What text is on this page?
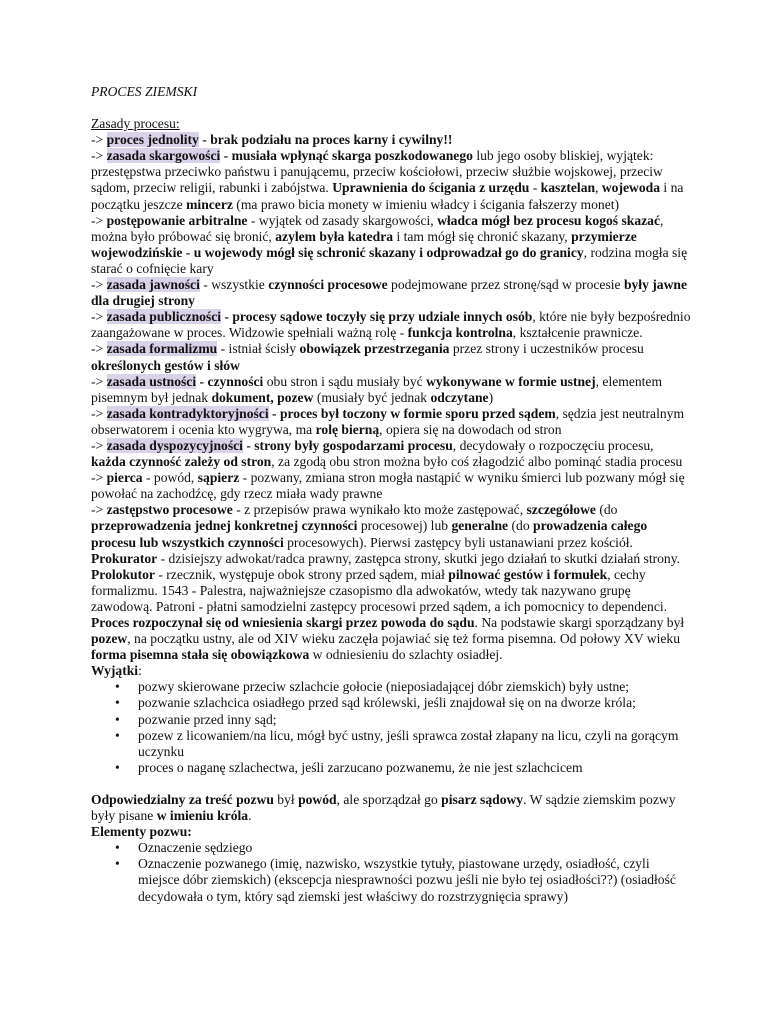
PROCES ZIEMSKI

Zasady procesu:

-> proces jednolity - brak podziału na proces karny i cywilny!!

-> zasada skargowości - musiała wpłynąć skarga poszkodowanego lub jego osoby bliskiej, wyjątek: przestępstwa przeciwko państwu i panującemu, przeciw kościołowi, przeciw służbie wojskowej, przeciw sądom, przeciw religii, rabunki i zabójstwa. Uprawnienia do ścigania z urzędu - kasztelan, wojewoda i na początku jeszcze mincerz (ma prawo bicia monety w imieniu władcy i ścigania fałszerzy monet)

-> postępowanie arbitralne - wyjątek od zasady skargowości, władca mógł bez procesu kogoś skazać, można było próbować się bronić, azylem była katedra i tam mógł się chronić skazany, przymierze wojewodzińskie - u wojewody mógł się schronić skazany i odprowadzał go do granicy, rodzina mogła się starać o cofnięcie kary

-> zasada jawności - wszystkie czynności procesowe podejmowane przez stronę/sąd w procesie były jawne dla drugiej strony

-> zasada publiczności - procesy sądowe toczyły się przy udziale innych osób, które nie były bezpośrednio zaangażowane w proces. Widzowie spełniali ważną rolę - funkcja kontrolna, kształcenie prawnicze.

-> zasada formalizmu - istniał ścisły obowiązek przestrzegania przez strony i uczestników procesu określonych gestów i słów

-> zasada ustności - czynności obu stron i sądu musiały być wykonywane w formie ustnej, elementem pisemnym był jednak dokument, pozew (musiały być jednak odczytane)

-> zasada kontradyktoryjności - proces był toczony w formie sporu przed sądem, sędzia jest neutralnym obserwatorem i ocenia kto wygrywa, ma rolę bierną, opiera się na dowodach od stron

-> zasada dyspozycyjności - strony były gospodarzami procesu, decydowały o rozpoczęciu procesu, każda czynność zależy od stron, za zgodą obu stron można było coś złagodzić albo pominąć stadia procesu

-> pierca - powód, sąpierz - pozwany, zmiana stron mogła nastąpić w wyniku śmierci lub pozwany mógł się powołać na zachodźcę, gdy rzecz miała wady prawne

-> zastępstwo procesowe - z przepisów prawa wynikało kto może zastępować, szczegółowe (do przeprowadzenia jednej konkretnej czynności procesowej) lub generalne (do prowadzenia całego procesu lub wszystkich czynności procesowych). Pierwsi zastępcy byli ustanawiani przez kościół. Prokurator - dzisiejszy adwokat/radca prawny, zastępca strony, skutki jego działań to skutki działań strony. Prolokutor - rzecznik, występuje obok strony przed sądem, miał pilnować gestów i formułek, cechy formalizmu. 1543 - Palestra, najważniejsze czasopismo dla adwokatów, wtedy tak nazywano grupę zawodową. Patroni - płatni samodzielni zastępcy procesowi przed sądem, a ich pomocnicy to dependenci.

Proces rozpoczynał się od wniesienia skargi przez powoda do sądu. Na podstawie skargi sporządzany był pozew, na początku ustny, ale od XIV wieku zaczęła pojawiać się też forma pisemna. Od połowy XV wieku forma pisemna stała się obowiązkowa w odniesieniu do szlachty osiadłej.

Wyjątki:

• pozwy skierowane przeciw szlachcie gołocie (nieposiadającej dóbr ziemskich) były ustne;
• pozwanie szlachcica osiadłego przed sąd królewski, jeśli znajdował się on na dworze króla;
• pozwanie przed inny sąd;
• pozew z licowaniem/na licu, mógł być ustny, jeśli sprawca został złapany na licu, czyli na gorącym uczynku
• proces o naganę szlachectwa, jeśli zarzucano pozwanemu, że nie jest szlachcicem

Odpowiedzialny za treść pozwu był powód, ale sporządzał go pisarz sądowy. W sądzie ziemskim pozwy były pisane w imieniu króla.

Elementy pozwu:

• Oznaczenie sędziego
• Oznaczenie pozwanego (imię, nazwisko, wszystkie tytuły, piastowane urzędy, osiadłość, czyli miejsce dóbr ziemskich) (ekscepcja niesprawności pozwu jeśli nie było tej osiadłości??) (osiadłość decydowała o tym, który sąd ziemski jest właściwy do rozstrzygnięcia sprawy)
